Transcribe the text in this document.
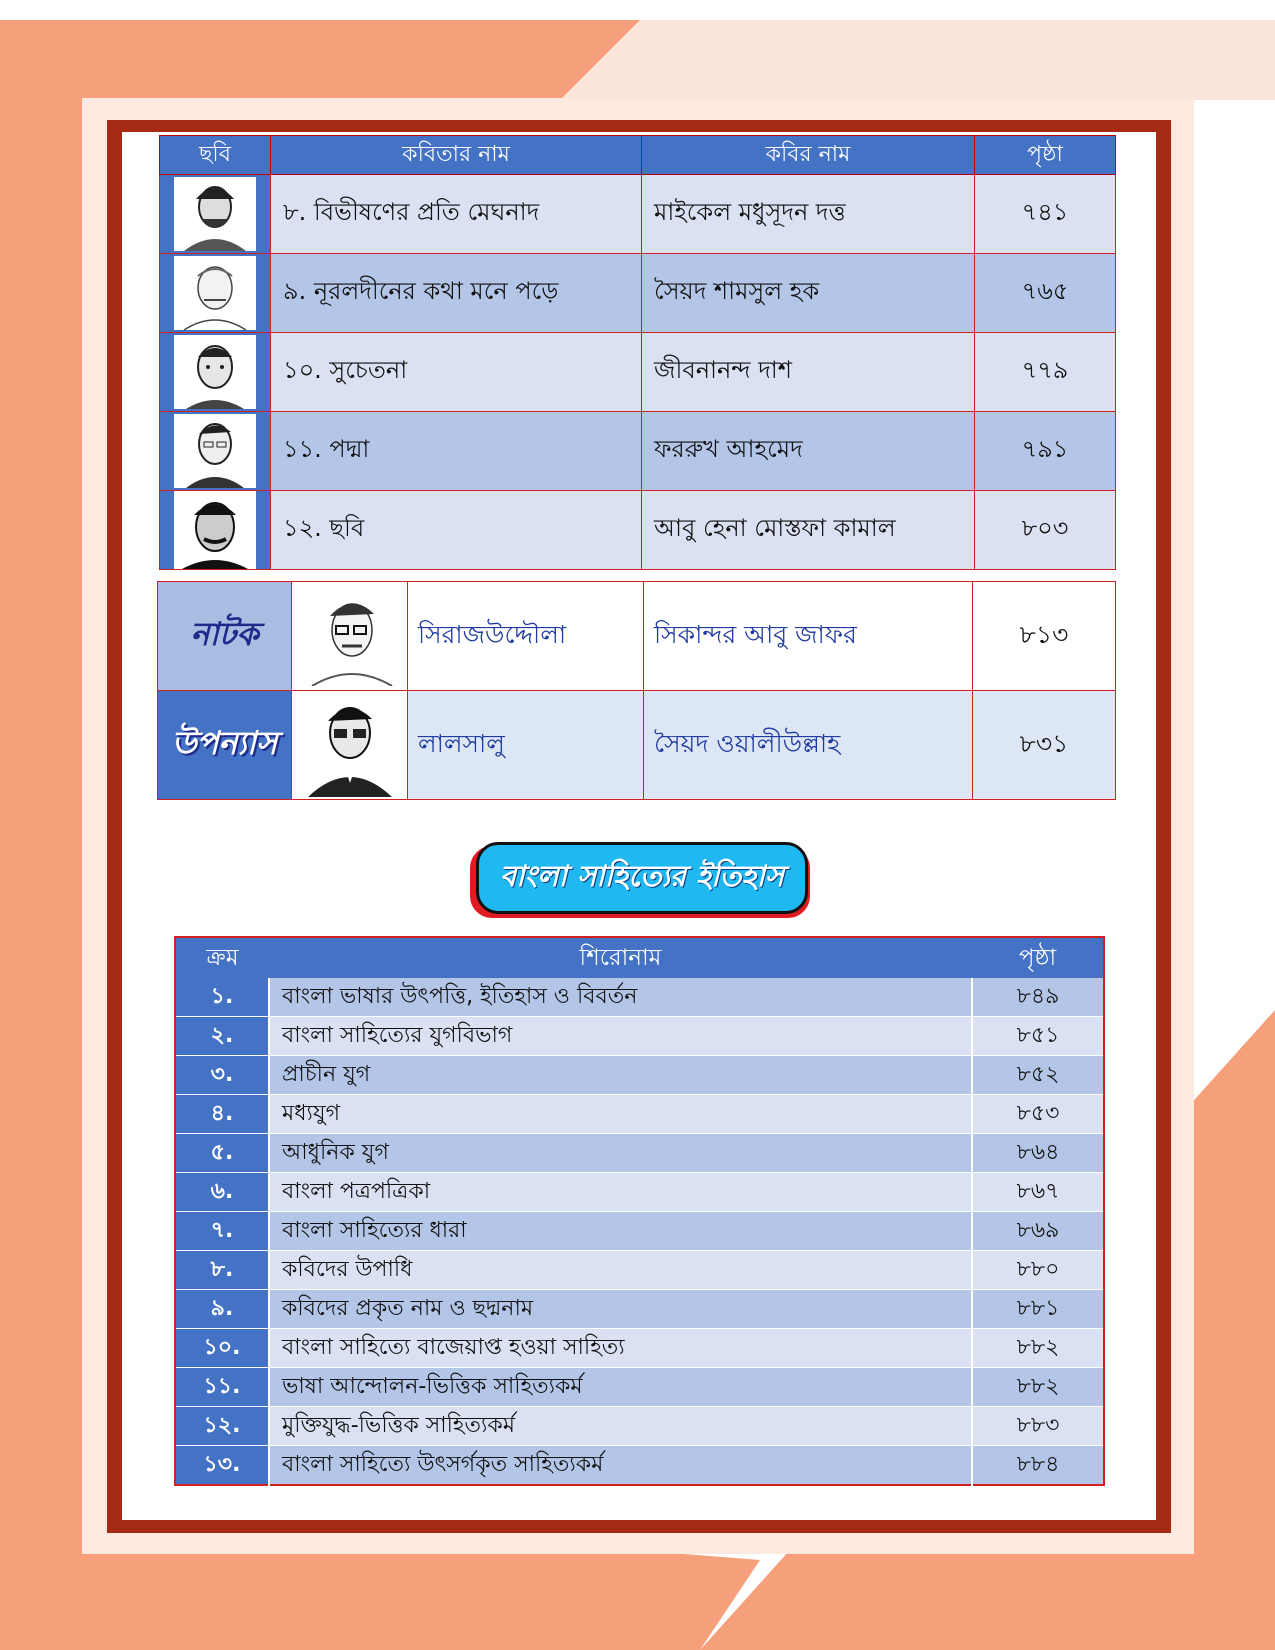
ছবি	কবিতার নাম	কবির নাম	পৃষ্ঠা

	৮. বিভীষণের প্রতি মেঘনাদ	মাইকেল মধুসূদন দত্ত	৭৪১

	৯. নূরলদীনের কথা মনে পড়ে	সৈয়দ শামসুল হক	৭৬৫

	১০. সুচেতনা	জীবনানন্দ দাশ	৭৭৯

	১১. পদ্মা	ফররুখ আহমেদ	৭৯১

	১২. ছবি	আবু হেনা মোস্তফা কামাল	৮০৩
নাটক		সিরাজউদ্দৌলা	সিকান্দর আবু জাফর	৮১৩
উপন্যাস		লালসালু	সৈয়দ ওয়ালীউল্লাহ	৮৩১
বাংলা সাহিত্যের ইতিহাস
ক্রম	শিরোনাম	পৃষ্ঠা
১.	বাংলা ভাষার উৎপত্তি, ইতিহাস ও বিবর্তন	৮৪৯
২.	বাংলা সাহিত্যের যুগবিভাগ	৮৫১
৩.	প্রাচীন যুগ	৮৫২
৪.	মধ্যযুগ	৮৫৩
৫.	আধুনিক যুগ	৮৬৪
৬.	বাংলা পত্রপত্রিকা	৮৬৭
৭.	বাংলা সাহিত্যের ধারা	৮৬৯
৮.	কবিদের উপাধি	৮৮০
৯.	কবিদের প্রকৃত নাম ও ছদ্মনাম	৮৮১
১০.	বাংলা সাহিত্যে বাজেয়াপ্ত হওয়া সাহিত্য	৮৮২
১১.	ভাষা আন্দোলন-ভিত্তিক সাহিত্যকর্ম	৮৮২
১২.	মুক্তিযুদ্ধ-ভিত্তিক সাহিত্যকর্ম	৮৮৩
১৩.	বাংলা সাহিত্যে উৎসর্গকৃত সাহিত্যকর্ম	৮৮৪
